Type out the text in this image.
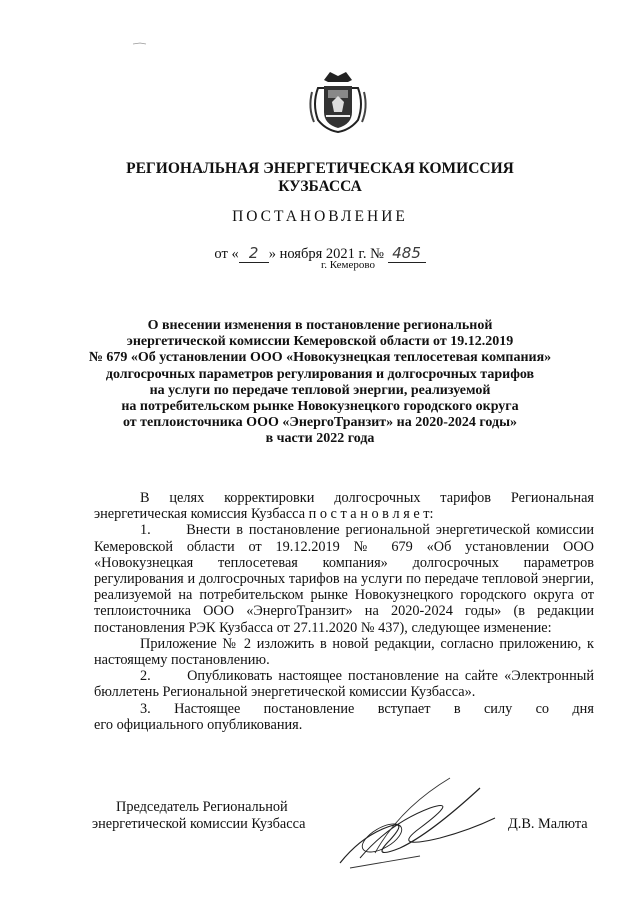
РЕГИОНАЛЬНАЯ ЭНЕРГЕТИЧЕСКАЯ КОМИССИЯ
КУЗБАССА
ПОСТАНОВЛЕНИЕ
от « 2 » ноября 2021 г. № 485
г. Кемерово
О внесении изменения в постановление региональной
энергетической комиссии Кемеровской области от 19.12.2019
№ 679 «Об установлении ООО «Новокузнецкая теплосетевая компания»
долгосрочных параметров регулирования и долгосрочных тарифов
на услуги по передаче тепловой энергии, реализуемой
на потребительском рынке Новокузнецкого городского округа
от теплоисточника ООО «ЭнергоТранзит» на 2020-2024 годы»
в части 2022 года

В целях корректировки долгосрочных тарифов Региональная

энергетическая комиссия Кузбасса п о с т а н о в л я е т:

1. Внести в постановление региональной энергетической комиссии

Кемеровской области от 19.12.2019 № 679 «Об установлении ООО «Новокузнецкая теплосетевая компания» долгосрочных параметров регулирования и долгосрочных тарифов на услуги по передаче тепловой энергии, реализуемой на потребительском рынке Новокузнецкого городского округа от теплоисточника ООО «ЭнергоТранзит» на 2020-2024 годы» (в редакции постановления РЭК Кузбасса от 27.11.2020 № 437), следующее изменение:

Приложение № 2 изложить в новой редакции, согласно приложению, к настоящему постановлению.

2.	Опубликовать настоящее постановление на сайте «Электронный

бюллетень Региональной энергетической комиссии Кузбасса».

3. Настоящее постановление вступает в силу со дня

его официального опубликования.

Председатель Региональной
энергетической комиссии Кузбасса	Д.В. Малюта
